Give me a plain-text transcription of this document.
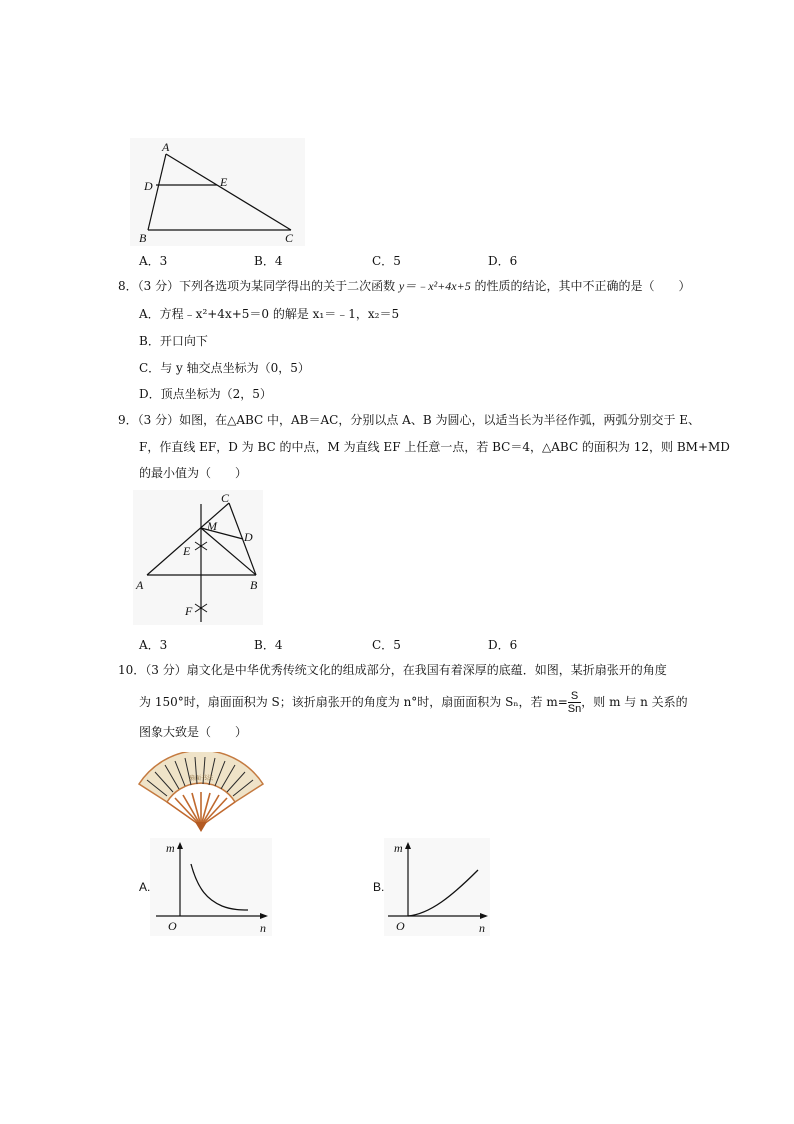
A
D	E
B	C
A．3	B．4	C．5	D．6
8．（3 分）下列各选项为某同学得出的关于二次函数 y＝﹣x²+4x+5 的性质的结论，其中不正确的是（　　）
A．方程﹣x²+4x+5＝0 的解是 x₁＝﹣1，x₂＝5
B．开口向下
C．与 y 轴交点坐标为（0，5）
D．顶点坐标为（2，5）
9．（3 分）如图，在△ABC 中，AB＝AC，分别以点 A、B 为圆心，以适当长为半径作弧，两弧分别交于 E、
F，作直线 EF，D 为 BC 的中点，M 为直线 EF 上任意一点，若 BC＝4，△ABC 的面积为 12，则 BM+MD
的最小值为（　　）
C
M
D
E
A	B
F
A．3	B．4	C．5	D．6
10．（3 分）扇文化是中华优秀传统文化的组成部分，在我国有着深厚的底蕴．如图，某折扇张开的角度
为 150°时，扇面面积为 S；该折扇张开的角度为 n°时，扇面面积为 Sₙ，若 $m= \frac{S}{Sn}$ ，则 m 与 n 关系的
图象大致是（　　）
扇面书法
A.
m
n
O
B.
m
n
O
